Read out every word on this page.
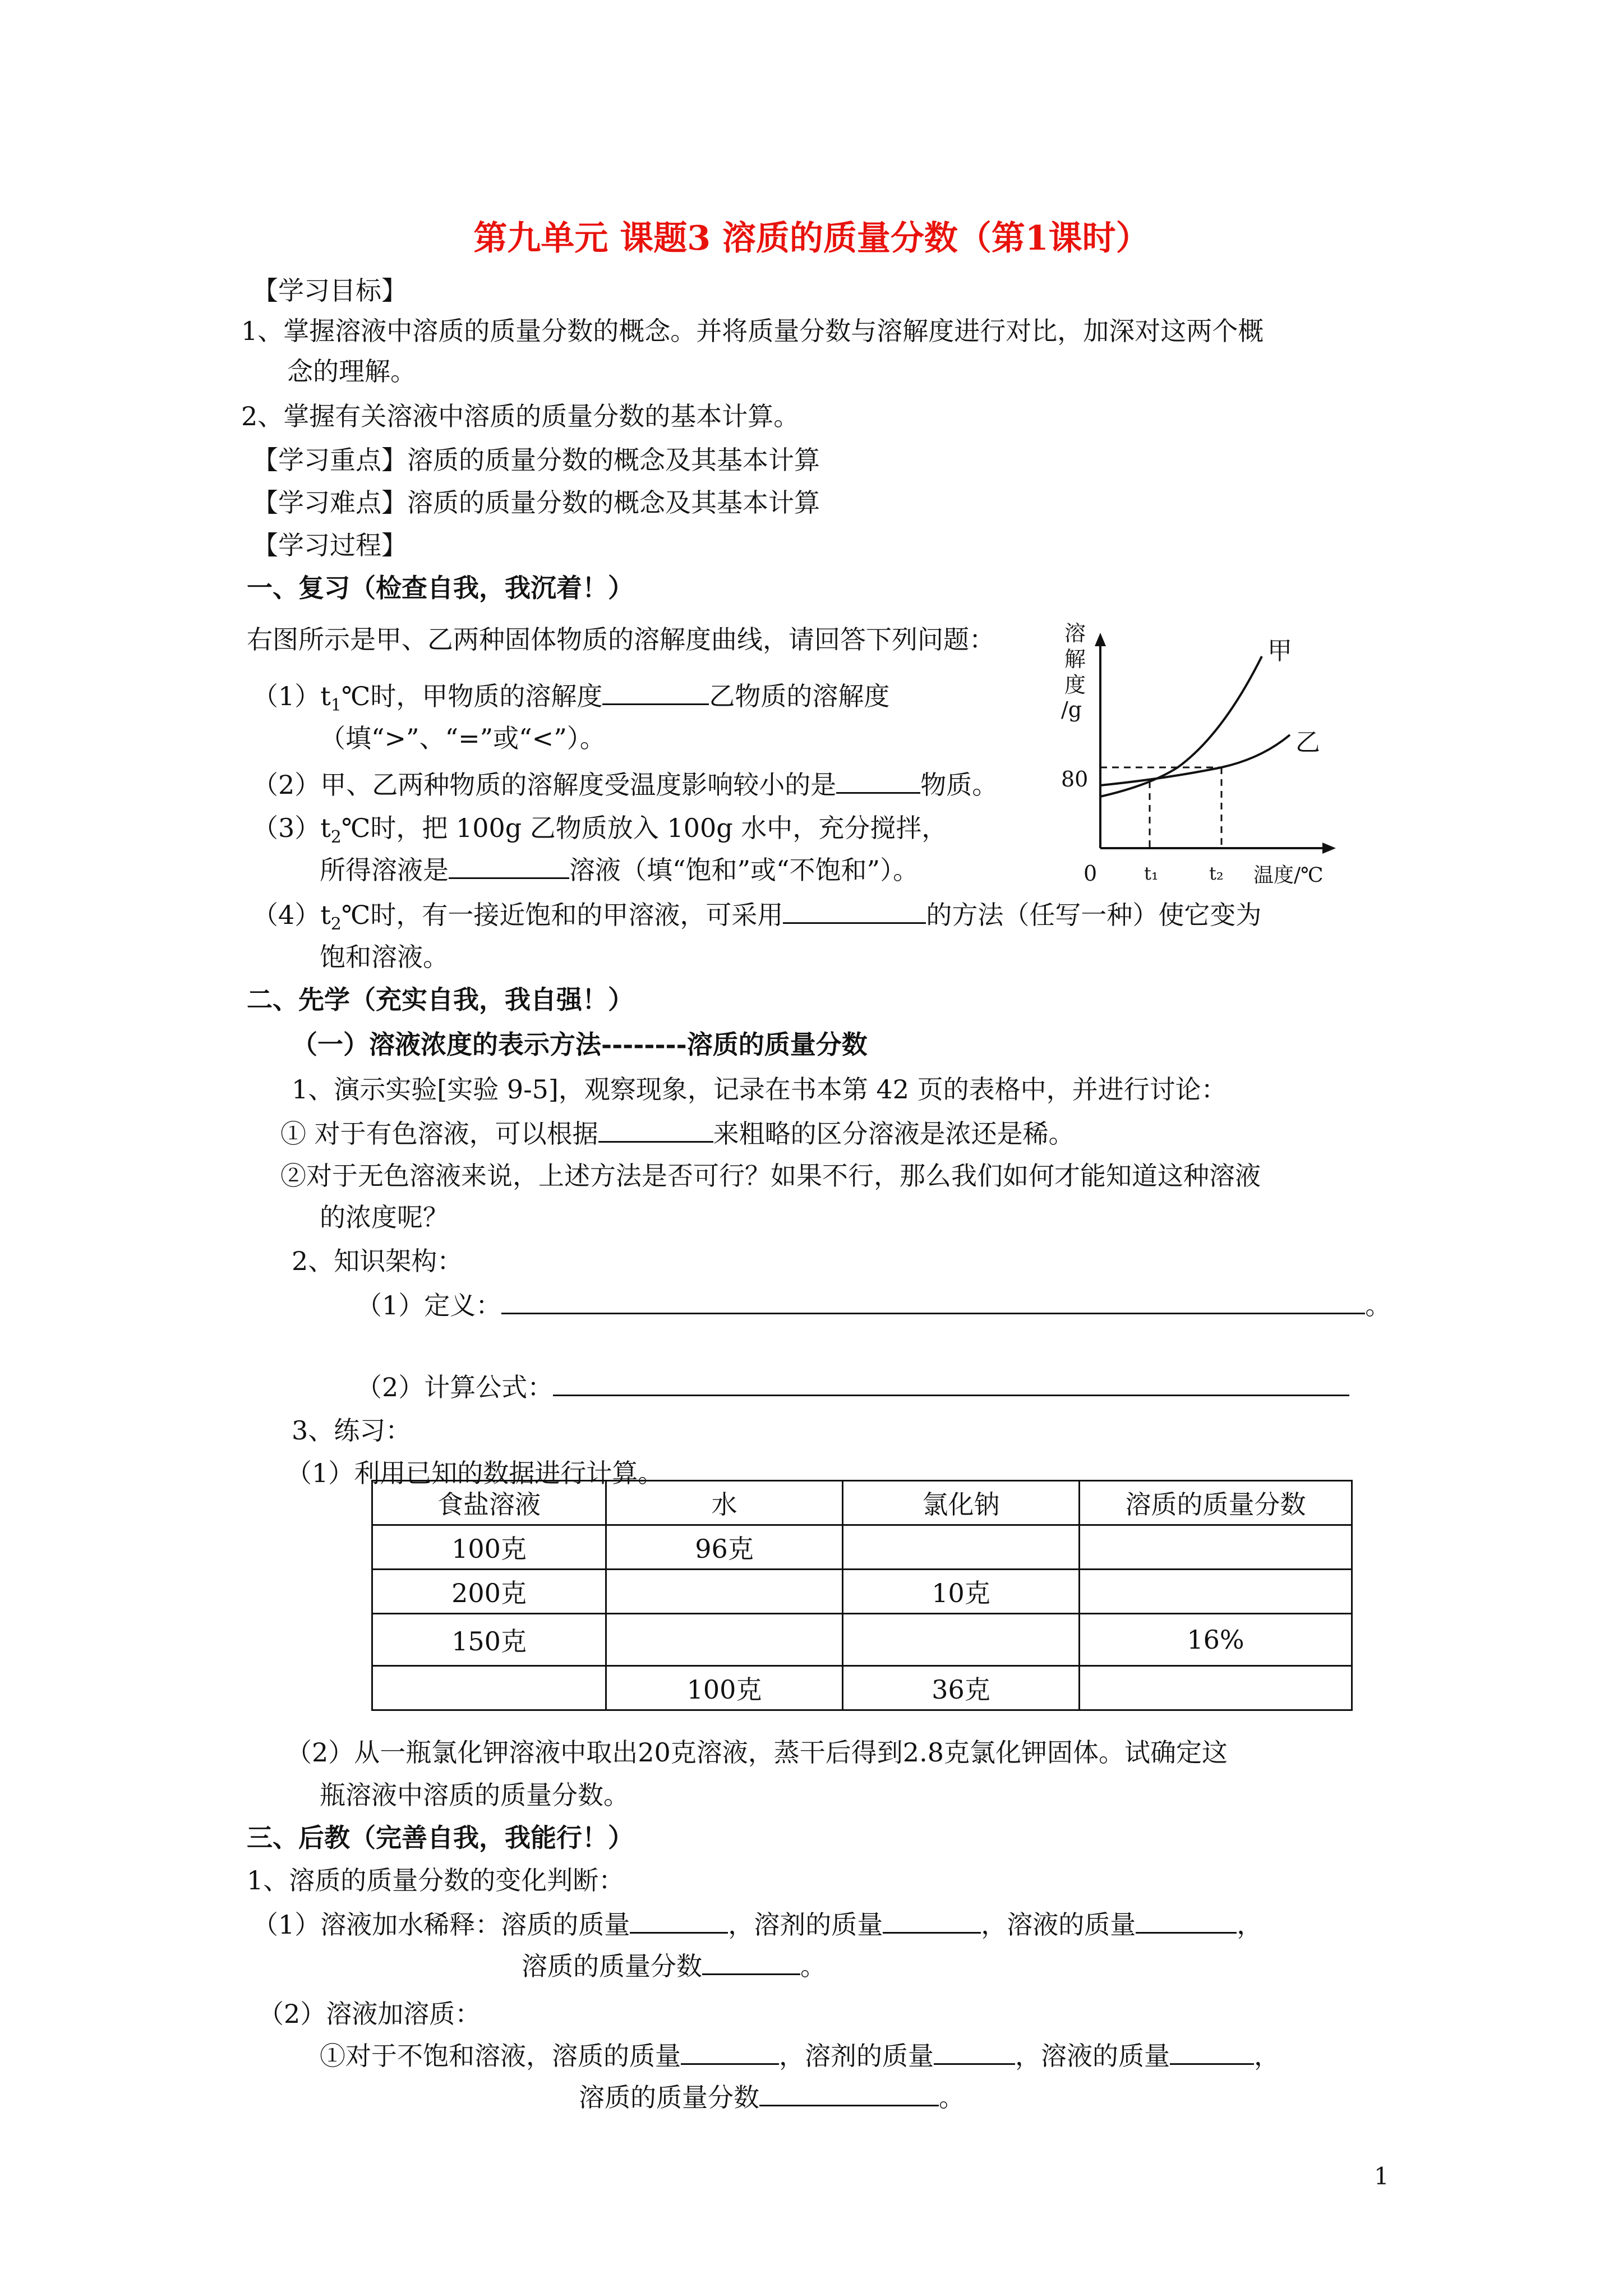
第九单元 课题3 溶质的质量分数（第1课时）
【学习目标】
1、掌握溶液中溶质的质量分数的概念。并将质量分数与溶解度进行对比，加深对这两个概
念的理解。
2、掌握有关溶液中溶质的质量分数的基本计算。
【学习重点】溶质的质量分数的概念及其基本计算
【学习难点】溶质的质量分数的概念及其基本计算
【学习过程】
一、复习（检查自我，我沉着！）
右图所示是甲、乙两种固体物质的溶解度曲线，请回答下列问题：
$(1)t_1℃$时，甲物质的溶解度	乙物质的溶解度
（填“>”、“=”或“<”）。
（2）甲、乙两种物质的溶解度受温度影响较小的是	物质。
$(3)t_2℃$时，把 100g 乙物质放入 100g 水中，充分搅拌，
所得溶液是	溶液（填“饱和”或“不饱和”）。
$(4)t_2℃$时，有一接近饱和的甲溶液，可采用	的方法（任写一种）使它变为
饱和溶液。
溶
解
度
/g
80
0	t₁	t₂ 温度/℃
甲
乙
二、先学（充实自我，我自强！）
（一）溶液浓度的表示方法--------溶质的质量分数
1、演示实验[实验 9-5]，观察现象，记录在书本第 42 页的表格中，并进行讨论：
① 对于有色溶液，可以根据	来粗略的区分溶液是浓还是稀。
②对于无色溶液来说，上述方法是否可行？如果不行，那么我们如何才能知道这种溶液
的浓度呢？
2、知识架构：
（1）定义：	。
（2）计算公式：
3、练习：
（1）利用已知的数据进行计算。
食盐溶液	水	氯化钠	溶质的质量分数
100克	96克		
200克		10克	
150克			16%
	100克	36克	
（2）从一瓶氯化钾溶液中取出20克溶液，蒸干后得到2.8克氯化钾固体。试确定这
瓶溶液中溶质的质量分数。
三、后教（完善自我，我能行！）
1、溶质的质量分数的变化判断：
（1）溶液加水稀释：溶质的质量	，溶剂的质量	，溶液的质量	，
溶质的质量分数	。
（2）溶液加溶质：
①对于不饱和溶液，溶质的质量	，溶剂的质量	，溶液的质量	，
溶质的质量分数	。
1
